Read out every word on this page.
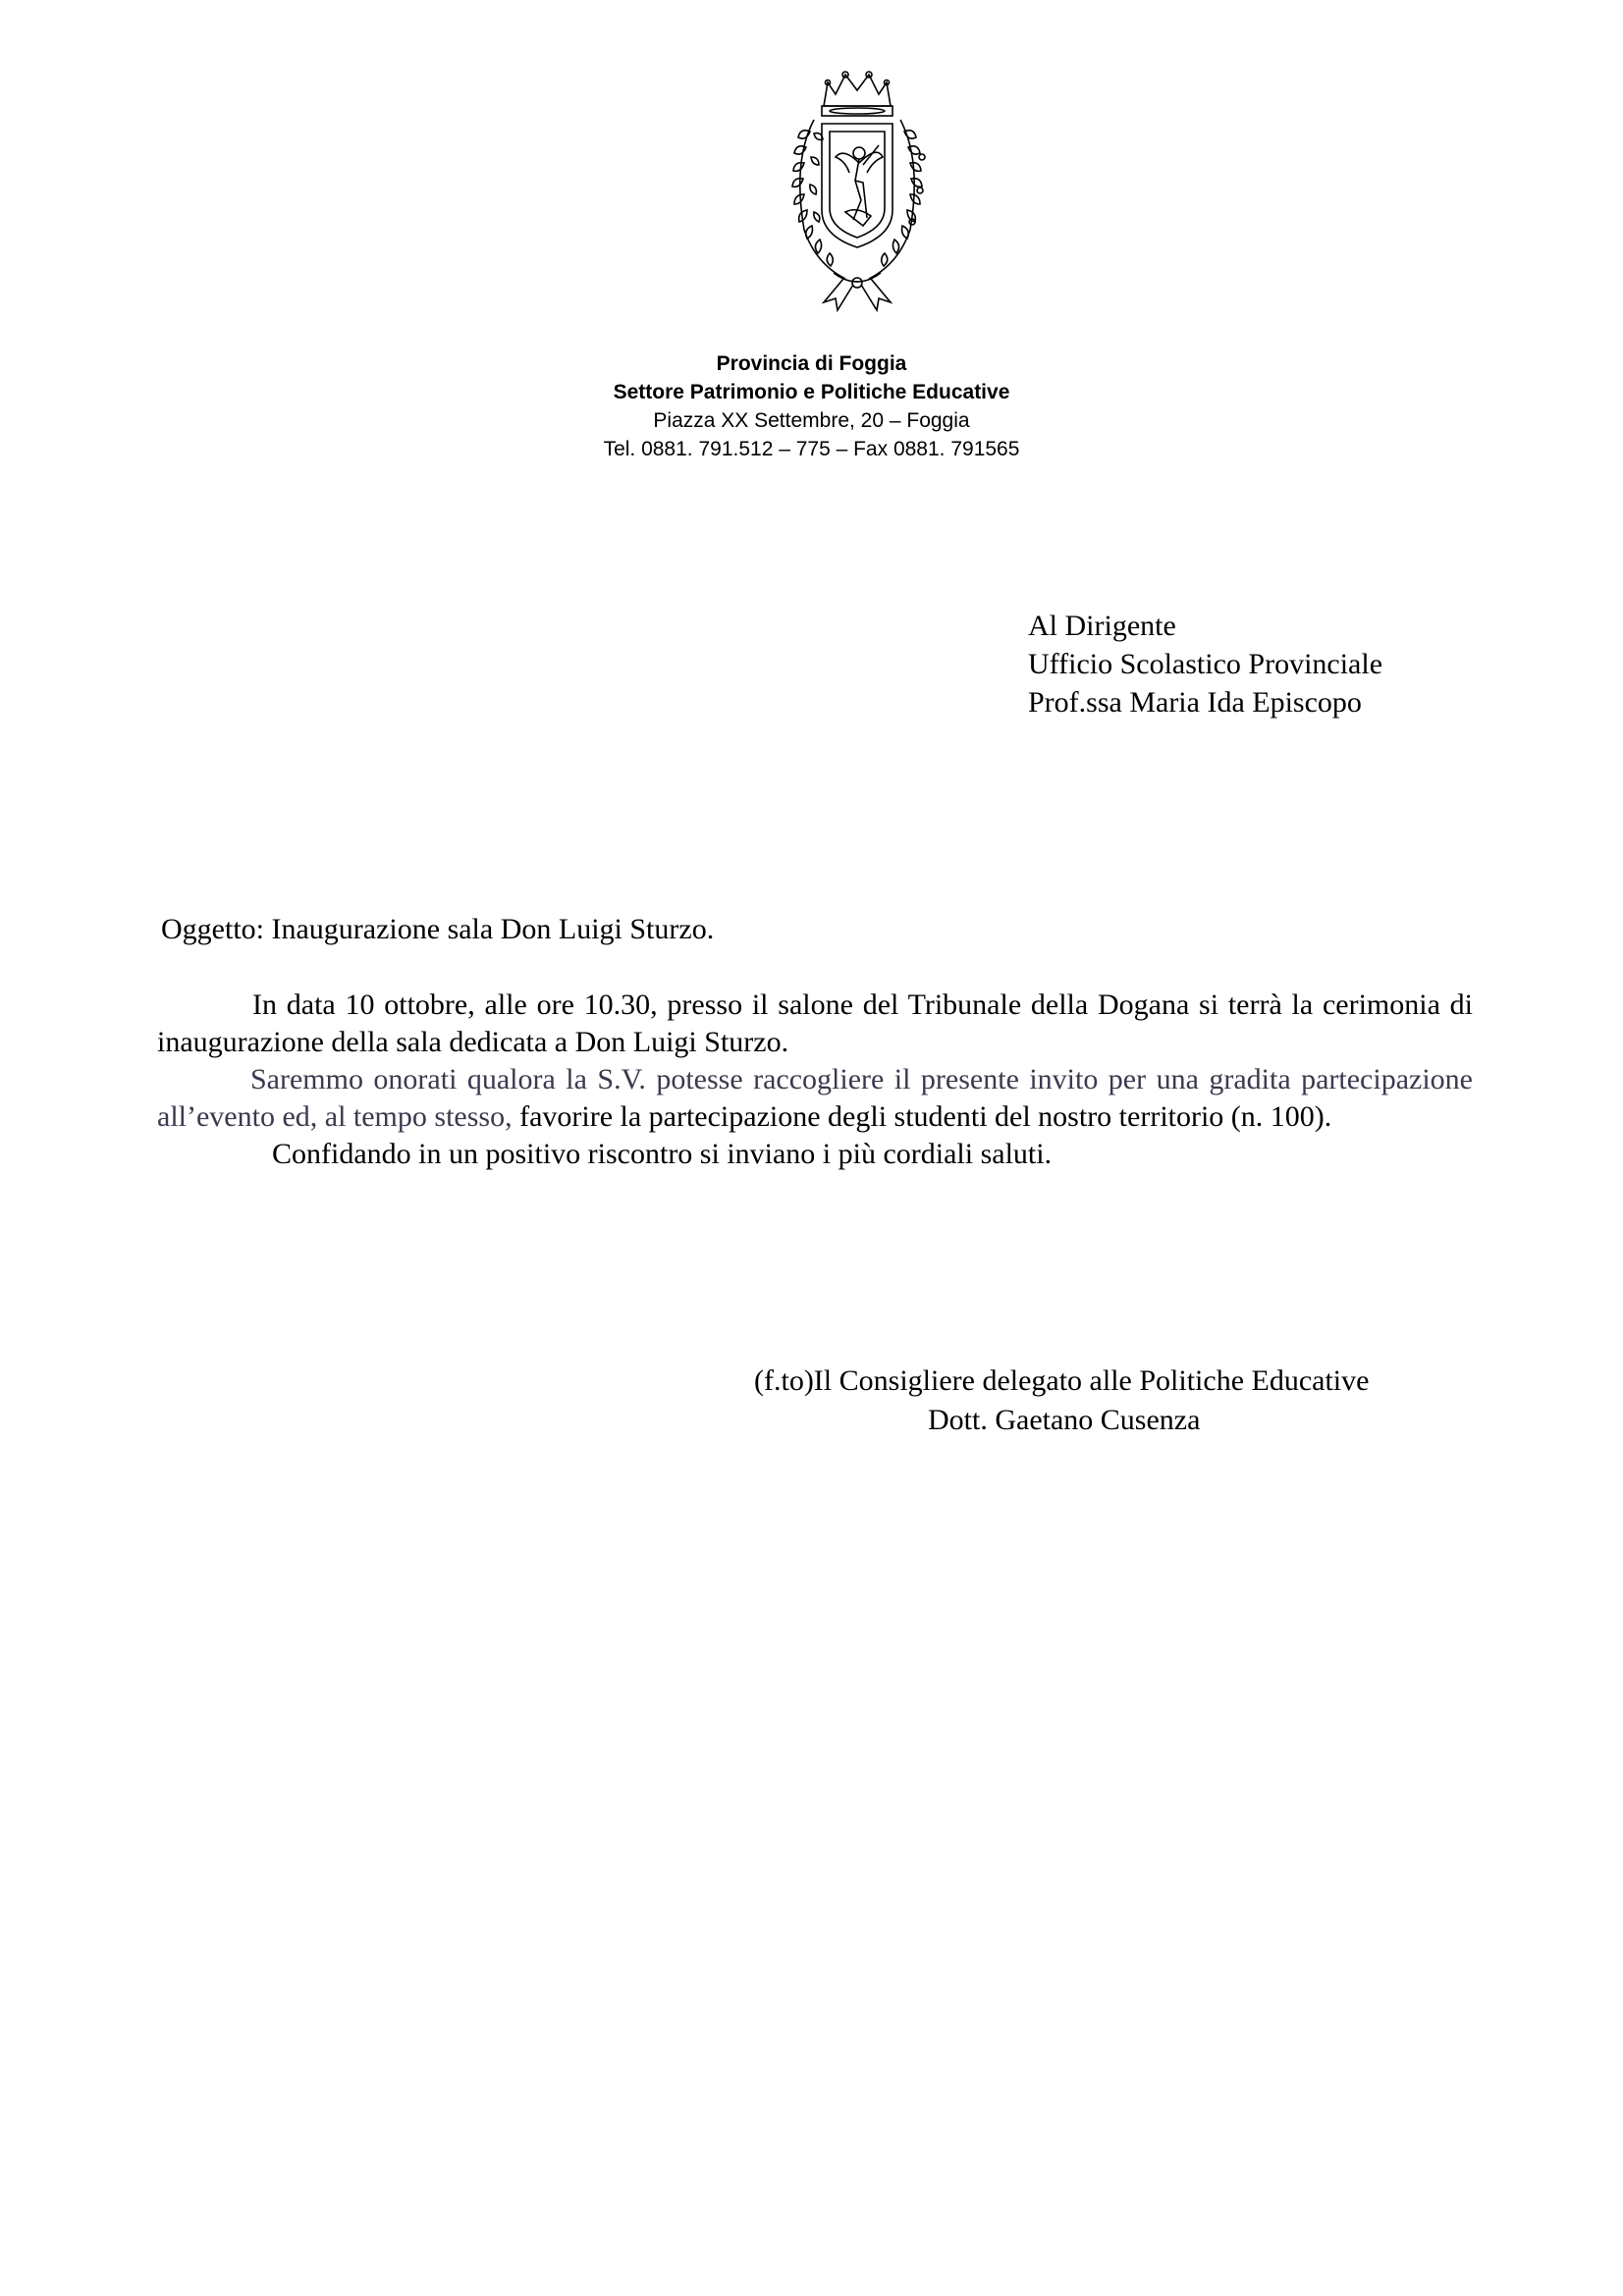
Provincia di Foggia
Settore Patrimonio e Politiche Educative
Piazza XX Settembre, 20 – Foggia
Tel. 0881. 791.512 – 775 – Fax 0881. 791565
Al Dirigente
Ufficio Scolastico Provinciale
Prof.ssa Maria Ida Episcopo
Oggetto: Inaugurazione sala Don Luigi Sturzo.

In data 10 ottobre, alle ore 10.30, presso il salone del Tribunale della Dogana si terrà la cerimonia di inaugurazione della sala dedicata a Don Luigi Sturzo.

Saremmo onorati qualora la S.V. potesse raccogliere il presente invito per una gradita partecipazione all’evento ed, al tempo stesso, favorire la partecipazione degli studenti del nostro territorio (n. 100).

Confidando in un positivo riscontro si inviano i più cordiali saluti.

(f.to)Il Consigliere delegato alle Politiche Educative
Dott. Gaetano Cusenza
